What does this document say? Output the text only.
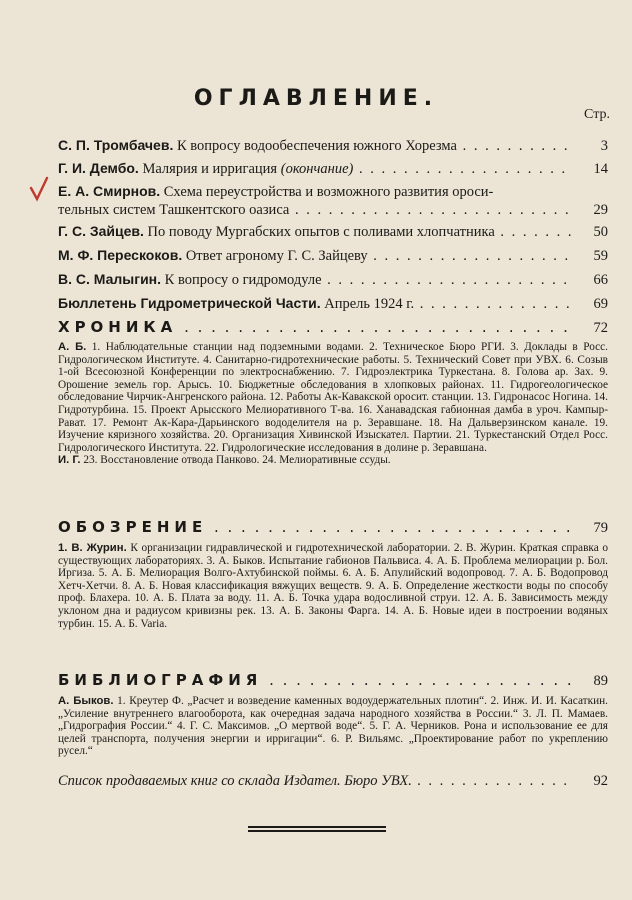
ОГЛАВЛЕНИЕ.
Стр.
С. П. Тромбачев. К вопросу водообеспечения южного Хорезма . . .	3
Г. И. Дембо. Малярия и ирригация (окончание) . . .	14
Е. А. Смирнов. Схема переустройства и возможного развития ороси-
тельных систем Ташкентского оазиса . . .	29
Г. С. Зайцев. По поводу Мургабских опытов с поливами хлопчатника . . .	50
М. Ф. Перескоков. Ответ агроному Г. С. Зайцеву . . .	59
В. С. Малыгин. К вопросу о гидромодуле . . .	66
Бюллетень Гидрометрической Части. Апрель 1924 г. . . .	69
ХРОНИКА . . .	72
А. Б. 1. Наблюдательные станции над подземными водами. 2. Техническое Бюро РГИ. 3. Доклады в Росс. Гидрологическом Институте. 4. Санитарно-гидротехнические работы. 5. Технический Совет при УВХ. 6. Созыв 1-ой Всесоюзной Конференции по электроснабжению. 7. Гидроэлектрика Туркестана. 8. Голова ар. Зах. 9. Орошение земель гор. Арысь. 10. Бюджетные обследования в хлопковых районах. 11. Гидрогеологическое обследование Чирчик-Ангренского района. 12. Работы Ак-Кавакской оросит. станции. 13. Гидронасос Ногина. 14. Гидротурбина. 15. Проект Арысского Мелиоративного Т-ва. 16. Ханавадская габионная дамба в уроч. Кампыр-Рават. 17. Ремонт Ак-Кара-Дарьинского вододелителя на р. Зеравшане. 18. На Дальверзинском канале. 19. Изучение кяризного хозяйства. 20. Организация Хивинской Изыскател. Партии. 21. Туркестанский Отдел Росс. Гидрологического Института. 22. Гидрологические исследования в долине р. Зеравшана.
И. Г. 23. Восстановление отвода Панково. 24. Мелиоративные ссуды.
ОБОЗРЕНИЕ . . .	79
1. В. Журин. К организации гидравлической и гидротехнической лаборатории. 2. В. Журин. Краткая справка о существующих лабораториях. 3. А. Быков. Испытание габионов Пальвиса. 4. А. Б. Проблема мелиорации р. Бол. Иргиза. 5. А. Б. Мелиорация Волго-Ахтубинской поймы. 6. А. Б. Апулийский водопровод. 7. А. Б. Водопровод Хетч-Хетчи. 8. А. Б. Новая классификация вяжущих веществ. 9. А. Б. Определение жесткости воды по способу проф. Блахера. 10. А. Б. Плата за воду. 11. А. Б. Точка удара водосливной струи. 12. А. Б. Зависимость между уклоном дна и радиусом кривизны рек. 13. А. Б. Законы Фарга. 14. А. Б. Новые идеи в построении водяных турбин. 15. А. Б. Varia.
БИБЛИОГРАФИЯ . . .	89
А. Быков. 1. Креутер Ф. „Расчет и возведение каменных водоудержательных плотин“. 2. Инж. И. И. Касаткин. „Усиление внутреннего влагооборота, как очередная задача народного хозяйства в России.“ 3. Л. П. Мамаев. „Гидрография России.“ 4. Г. С. Максимов. „О мертвой воде“. 5. Г. А. Черников. Рона и использование ее для целей транспорта, получения энергии и ирригации“. 6. Р. Вильямс. „Проектирование работ по укреплению русел.“
Список продаваемых книг со склада Издател. Бюро УВХ. . . .	92
